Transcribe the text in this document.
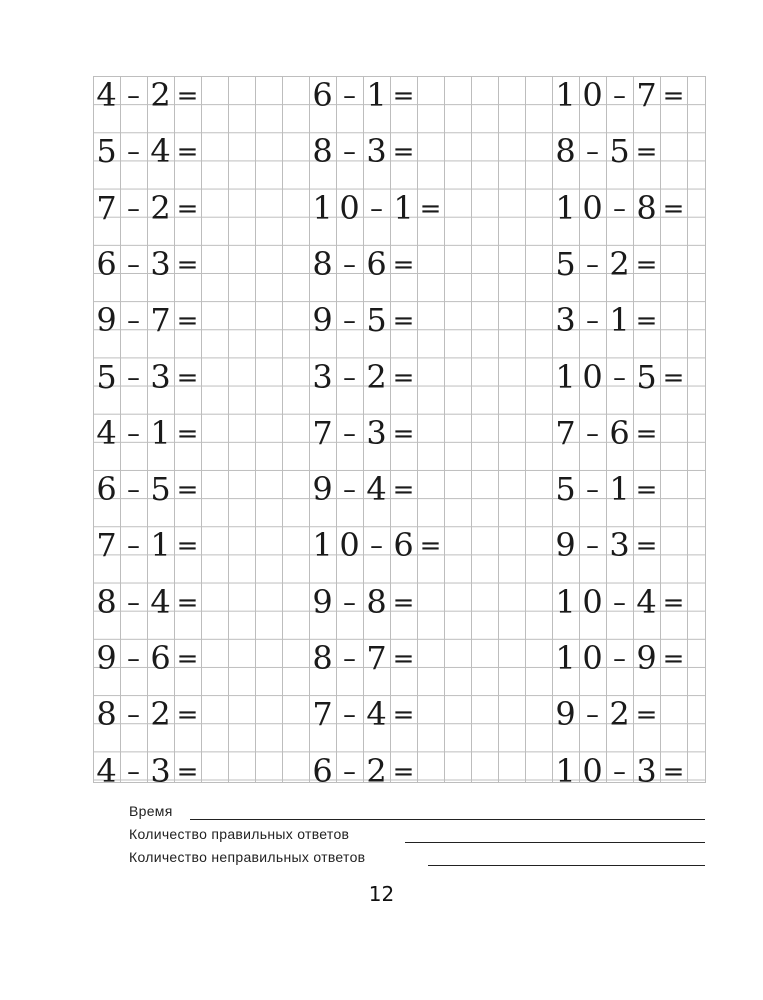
4 – 2 =
5 – 4 =
7 – 2 =
6 – 3 =
9 – 7 =
5 – 3 =
4 – 1 =
6 – 5 =
7 – 1 =
8 – 4 =
9 – 6 =
8 – 2 =
4 – 3 =
6 – 1 =
8 – 3 =
1 0 – 1 =
8 – 6 =
9 – 5 =
3 – 2 =
7 – 3 =
9 – 4 =
1 0 – 6 =
9 – 8 =
8 – 7 =
7 – 4 =
6 – 2 =
1 0 – 7 =
8 – 5 =
1 0 – 8 =
5 – 2 =
3 – 1 =
1 0 – 5 =
7 – 6 =
5 – 1 =
9 – 3 =
1 0 – 4 =
1 0 – 9 =
9 – 2 =
1 0 – 3 =
Время
Количество правильных ответов
Количество неправильных ответов
12
